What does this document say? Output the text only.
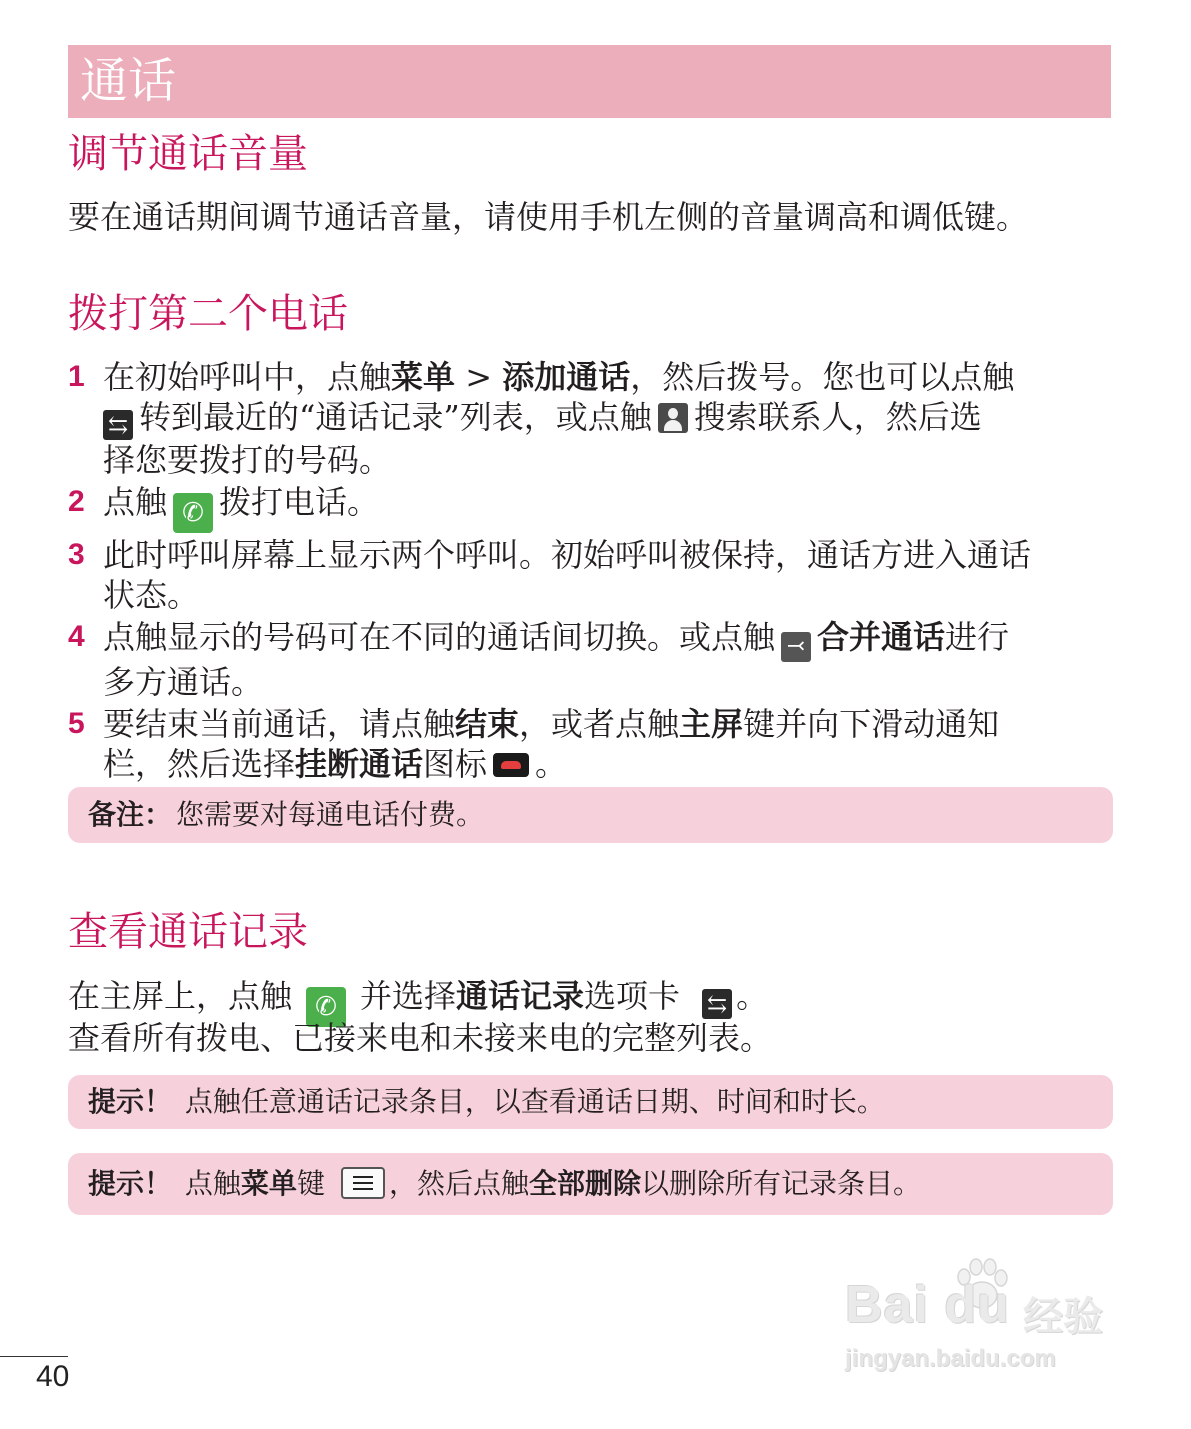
通话
调节通话音量
要在通话期间调节通话音量，请使用手机左侧的音量调高和调低键。
拨打第二个电话
1 在初始呼叫中，点触菜单 > 添加通话，然后拨号。您也可以点触
⇆ 转到最近的“通话记录”列表，或点触 搜索联系人，然后选
择您要拨打的号码。
2 点触 ✆ 拨打电话。
3 此时呼叫屏幕上显示两个呼叫。初始呼叫被保持，通话方进入通话
状态。
4 点触显示的号码可在不同的通话间切换。或点触 ⤙ 合并通话进行
多方通话。
5 要结束当前通话，请点触结束，或者点触主屏键并向下滑动通知
栏，然后选择挂断通话图标 。
备注： 您需要对每通电话付费。
查看通话记录
在主屏上，点触 ✆ 并选择通话记录选项卡 ⇆ 。
查看所有拨电、已接来电和未接来电的完整列表。
提示！ 点触任意通话记录条目，以查看通话日期、时间和时长。
提示！ 点触菜单键 ，然后点触全部删除以删除所有记录条目。
Bai du 经验
jingyan.baidu.com
40
